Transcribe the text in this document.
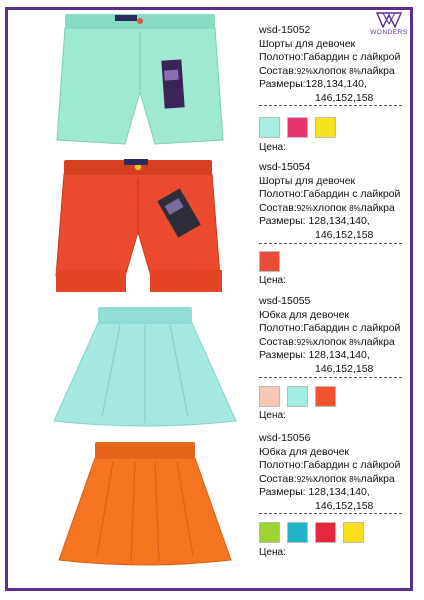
WONDERS
wsd-15052
Шорты для девочек
Полотно:Габардин с лайкрой
Состав:92%хлопок 8%лайкра
Размеры:128,134,140,
146,152,158
Цена:
wsd-15054
Шорты для девочек
Полотно:Габардин с лайкрой
Состав:92%хлопок 8%лайкра
Размеры: 128,134,140,
146,152,158
Цена:
wsd-15055
Юбка для девочек
Полотно:Габардин с лайкрой
Состав:92%хлопок 8%лайкра
Размеры: 128,134,140,
146,152,158
Цена:
wsd-15056
Юбка для девочек
Полотно:Габардин с лайкрой
Состав:92%хлопок 8%лайкра
Размеры: 128,134,140,
146,152,158
Цена:
